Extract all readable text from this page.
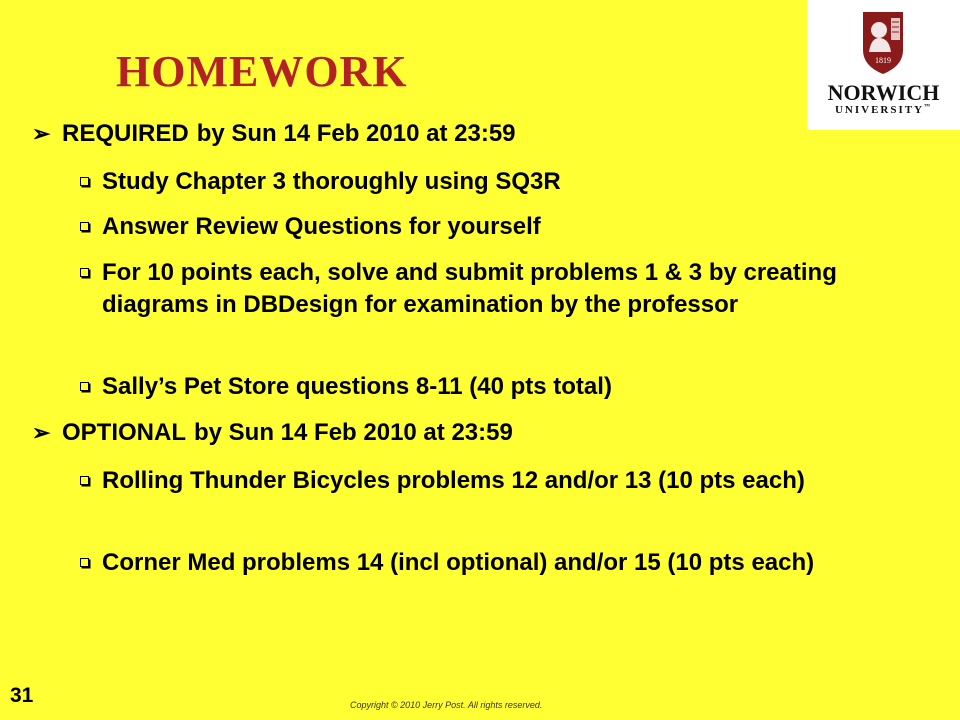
HOMEWORK	1819
NORWICH
UNIVERSITY™
➢ REQUIRED by Sun 14 Feb 2010 at 23:59
Study Chapter 3 thoroughly using SQ3R
Answer Review Questions for yourself
For 10 points each, solve and submit problems 1 & 3 by creating diagrams in DBDesign for examination by the professor
Sally’s Pet Store questions 8-11 (40 pts total)
➢ OPTIONAL by Sun 14 Feb 2010 at 23:59
Rolling Thunder Bicycles problems 12 and/or 13 (10 pts each)
Corner Med problems 14 (incl optional) and/or 15 (10 pts each)
31	Copyright © 2010 Jerry Post. All rights reserved.
